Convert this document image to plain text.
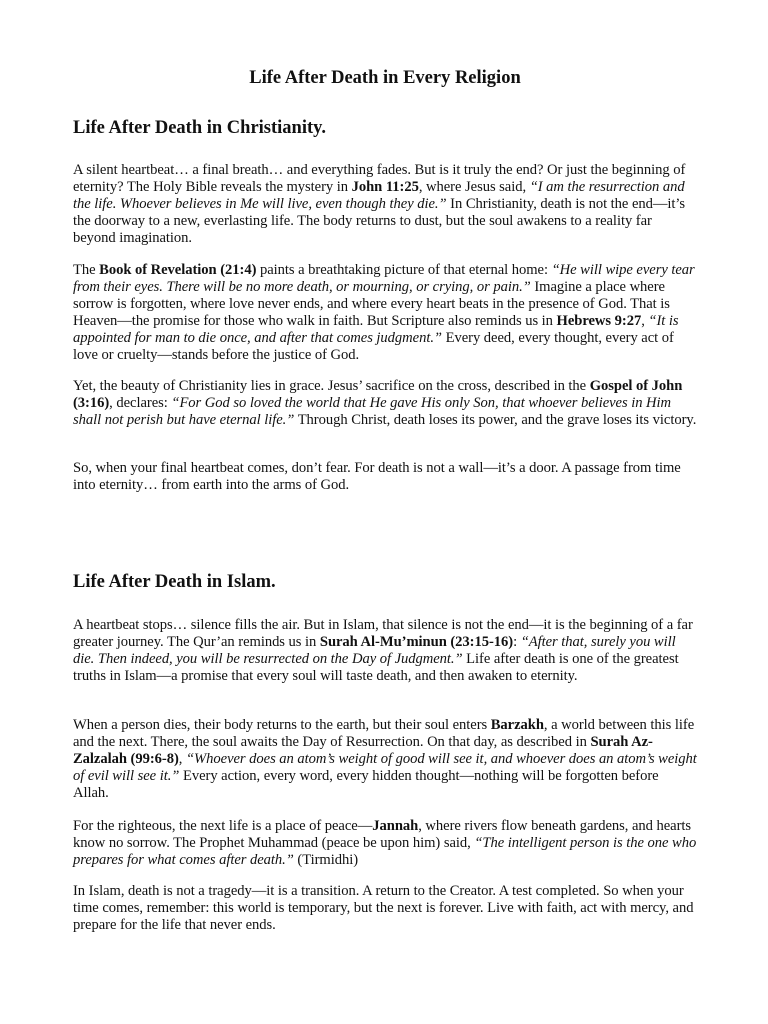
Life After Death in Every Religion
Life After Death in Christianity.

A silent heartbeat… a final breath… and everything fades. But is it truly the end? Or just the beginning of eternity? The Holy Bible reveals the mystery in John 11:25, where Jesus said, “I am the resurrection and the life. Whoever believes in Me will live, even though they die.” In Christianity, death is not the end—it’s the doorway to a new, everlasting life. The body returns to dust, but the soul awakens to a reality far beyond imagination.

The Book of Revelation (21:4) paints a breathtaking picture of that eternal home: “He will wipe every tear from their eyes. There will be no more death, or mourning, or crying, or pain.” Imagine a place where sorrow is forgotten, where love never ends, and where every heart beats in the presence of God. That is Heaven—the promise for those who walk in faith. But Scripture also reminds us in Hebrews 9:27, “It is appointed for man to die once, and after that comes judgment.” Every deed, every thought, every act of love or cruelty—stands before the justice of God.

Yet, the beauty of Christianity lies in grace. Jesus’ sacrifice on the cross, described in the Gospel of John (3:16), declares: “For God so loved the world that He gave His only Son, that whoever believes in Him shall not perish but have eternal life.” Through Christ, death loses its power, and the grave loses its victory.

So, when your final heartbeat comes, don’t fear. For death is not a wall—it’s a door. A passage from time into eternity… from earth into the arms of God.

Life After Death in Islam.

A heartbeat stops… silence fills the air. But in Islam, that silence is not the end—it is the beginning of a far greater journey. The Qur’an reminds us in Surah Al-Mu’minun (23:15-16): “After that, surely you will die. Then indeed, you will be resurrected on the Day of Judgment.” Life after death is one of the greatest truths in Islam—a promise that every soul will taste death, and then awaken to eternity.

When a person dies, their body returns to the earth, but their soul enters Barzakh, a world between this life and the next. There, the soul awaits the Day of Resurrection. On that day, as described in Surah Az-Zalzalah (99:6-8), “Whoever does an atom’s weight of good will see it, and whoever does an atom’s weight of evil will see it.” Every action, every word, every hidden thought—nothing will be forgotten before Allah.

For the righteous, the next life is a place of peace—Jannah, where rivers flow beneath gardens, and hearts know no sorrow. The Prophet Muhammad (peace be upon him) said, “The intelligent person is the one who prepares for what comes after death.” (Tirmidhi)

In Islam, death is not a tragedy—it is a transition. A return to the Creator. A test completed. So when your time comes, remember: this world is temporary, but the next is forever. Live with faith, act with mercy, and prepare for the life that never ends.
